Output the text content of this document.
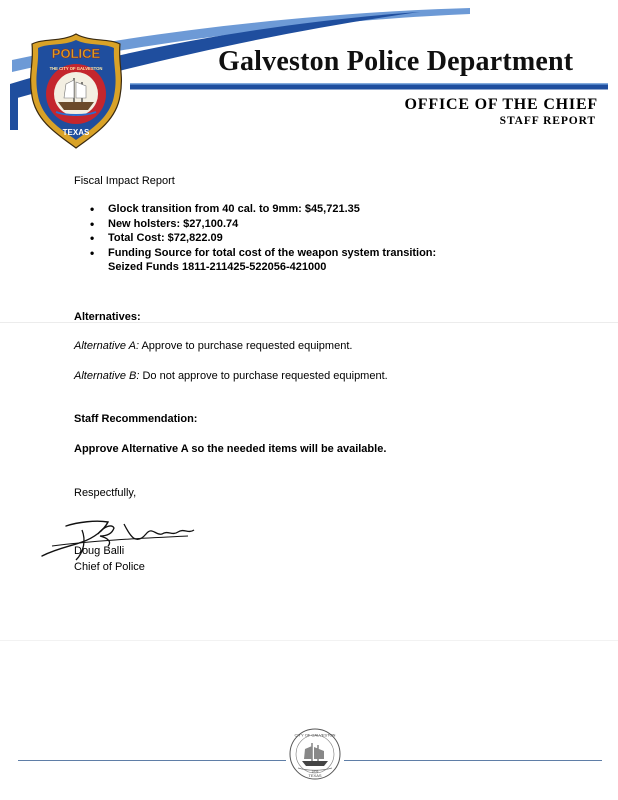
POLICE
TEXAS
THE CITY OF GALVESTON	Galveston Police Department
OFFICE OF THE CHIEF
STAFF REPORT
Fiscal Impact Report
• Glock transition from 40 cal. to 9mm: $45,721.35
• New holsters: $27,100.74
• Total Cost: $72,822.09
• Funding Source for total cost of the weapon system transition:
Seized Funds 1811-211425-522056-421000
Alternatives:
Alternative A: Approve to purchase requested equipment.
Alternative B: Do not approve to purchase requested equipment.
Staff Recommendation:
Approve Alternative A so the needed items will be available.
Respectfully,
Doug Balli
Chief of Police
CITY OF GALVESTON
TEXAS
1839
